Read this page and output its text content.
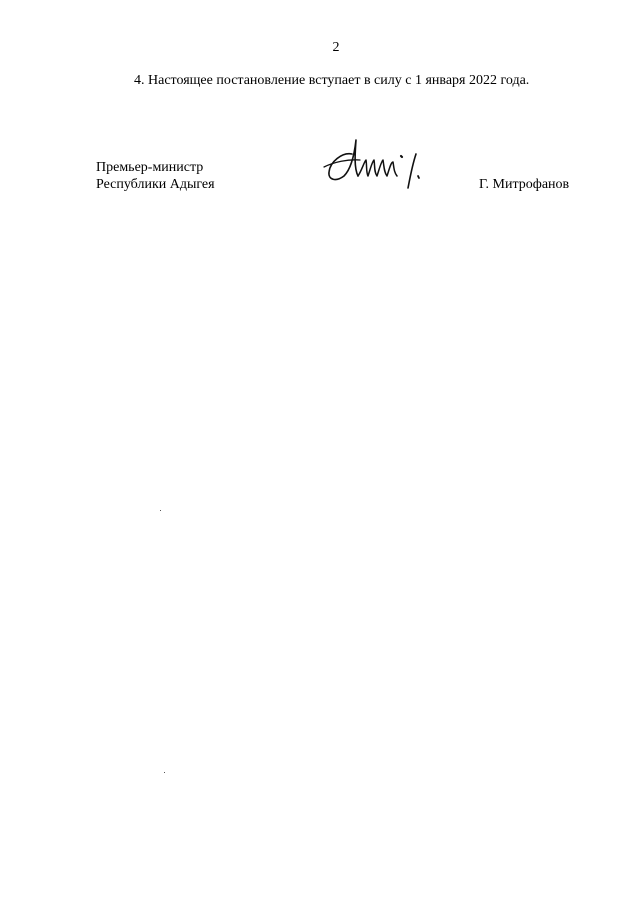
2
4. Настоящее постановление вступает в силу с 1 января 2022 года.
Премьер-министр
Республики Адыгея	Г. Митрофанов
